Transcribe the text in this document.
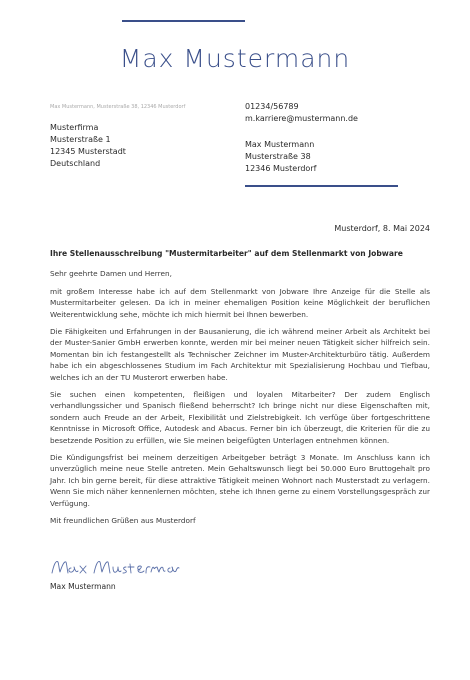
Max Mustermann
Max Mustermann, Musterstraße 38, 12346 Musterdorf
Musterfirma
Musterstraße 1
12345 Musterstadt
Deutschland
01234/56789
m.karriere@mustermann.de
Max Mustermann
Musterstraße 38
12346 Musterdorf
Musterdorf, 8. Mai 2024
Ihre Stellenausschreibung "Mustermitarbeiter" auf dem Stellenmarkt von Jobware

Sehr geehrte Damen und Herren,

mit großem Interesse habe ich auf dem Stellenmarkt von Jobware Ihre Anzeige für die Stelle als Mustermitarbeiter gelesen. Da ich in meiner ehemaligen Position keine Möglichkeit der beruflichen Weiterentwicklung sehe, möchte ich mich hiermit bei Ihnen bewerben.

Die Fähigkeiten und Erfahrungen in der Bausanierung, die ich während meiner Arbeit als Architekt bei der Muster-Sanier GmbH erwerben konnte, werden mir bei meiner neuen Tätigkeit sicher hilfreich sein. Momentan bin ich festangestellt als Technischer Zeichner im Muster-Architekturbüro tätig. Außerdem habe ich ein abgeschlossenes Studium im Fach Architektur mit Spezialisierung Hochbau und Tiefbau, welches ich an der TU Musterort erwerben habe.

Sie suchen einen kompetenten, fleißigen und loyalen Mitarbeiter? Der zudem Englisch verhandlungssicher und Spanisch fließend beherrscht? Ich bringe nicht nur diese Eigenschaften mit, sondern auch Freude an der Arbeit, Flexibilität und Zielstrebigkeit. Ich verfüge über fortgeschrittene Kenntnisse in Microsoft Office, Autodesk and Abacus. Ferner bin ich überzeugt, die Kriterien für die zu besetzende Position zu erfüllen, wie Sie meinen beigefügten Unterlagen entnehmen können.

Die Kündigungsfrist bei meinem derzeitigen Arbeitgeber beträgt 3 Monate. Im Anschluss kann ich unverzüglich meine neue Stelle antreten. Mein Gehaltswunsch liegt bei 50.000 Euro Bruttogehalt pro Jahr. Ich bin gerne bereit, für diese attraktive Tätigkeit meinen Wohnort nach Musterstadt zu verlagern. Wenn Sie mich näher kennenlernen möchten, stehe ich Ihnen gerne zu einem Vorstellungsgespräch zur Verfügung.

Mit freundlichen Grüßen aus Musterdorf

Max Mustermann
